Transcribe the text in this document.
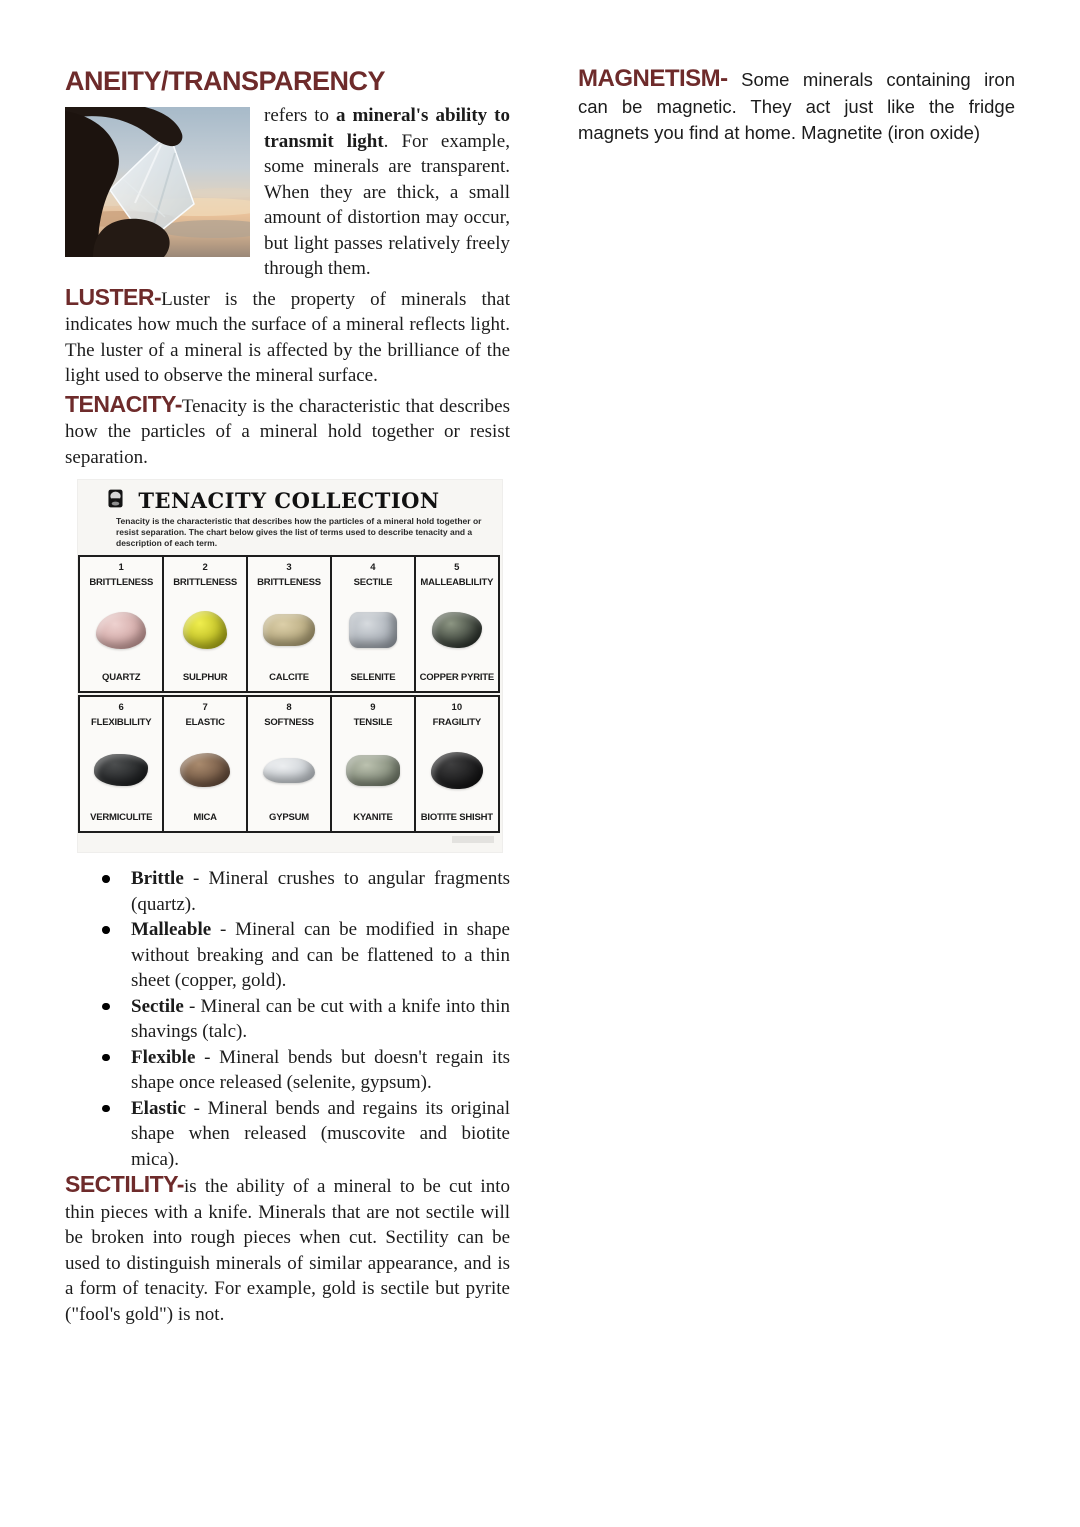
ANEITY/TRANSPARENCY

refers to a mineral's ability to transmit light. For example, some minerals are transparent. When they are thick, a small amount of distortion may occur, but light passes relatively freely through them.

LUSTER-Luster is the property of minerals that indicates how much the surface of a mineral reflects light. The luster of a mineral is affected by the brilliance of the light used to observe the mineral surface.

TENACITY-Tenacity is the characteristic that describes how the particles of a mineral hold together or resist separation.

TENACITY COLLECTION
Tenacity is the characteristic that describes how the particles of a mineral hold together or resist separation. The chart below gives the list of terms used to describe tenacity and a description of each term.
1
BRITTLENESS
QUARTZ
2
BRITTLENESS
SULPHUR
3
BRITTLENESS
CALCITE
4
SECTILE
SELENITE
5
MALLEABLILITY
COPPER PYRITE
6
FLEXIBLILITY
VERMICULITE
7
ELASTIC
MICA
8
SOFTNESS
GYPSUM
9
TENSILE
KYANITE
10
FRAGILITY
BIOTITE SHISHT
Brittle - Mineral crushes to angular fragments (quartz).
Malleable - Mineral can be modified in shape without breaking and can be flattened to a thin sheet (copper, gold).
Sectile - Mineral can be cut with a knife into thin shavings (talc).
Flexible - Mineral bends but doesn't regain its shape once released (selenite, gypsum).
Elastic - Mineral bends and regains its original shape when released (muscovite and biotite mica).

SECTILITY-is the ability of a mineral to be cut into thin pieces with a knife. Minerals that are not sectile will be broken into rough pieces when cut. Sectility can be used to distinguish minerals of similar appearance, and is a form of tenacity. For example, gold is sectile but pyrite ("fool's gold") is not.

MAGNETISM- Some minerals containing iron can be magnetic. They act just like the fridge magnets you find at home. Magnetite (iron oxide)
